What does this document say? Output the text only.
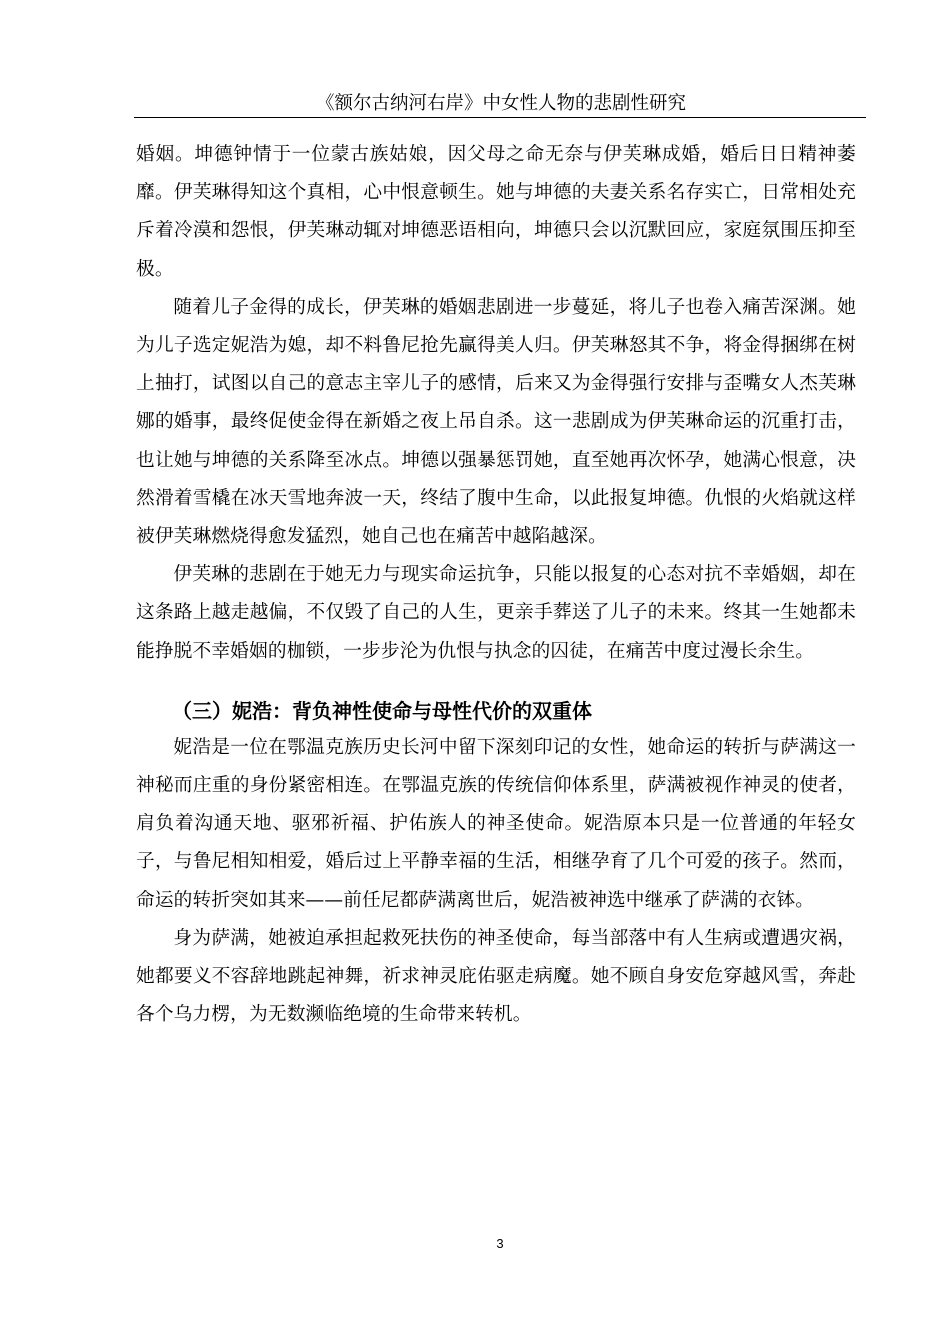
《额尔古纳河右岸》中女性人物的悲剧性研究

婚姻。坤德钟情于一位蒙古族姑娘，因父母之命无奈与伊芙琳成婚，婚后日日精神萎靡。伊芙琳得知这个真相，心中恨意顿生。她与坤德的夫妻关系名存实亡，日常相处充斥着冷漠和怨恨，伊芙琳动辄对坤德恶语相向，坤德只会以沉默回应，家庭氛围压抑至极。

随着儿子金得的成长，伊芙琳的婚姻悲剧进一步蔓延，将儿子也卷入痛苦深渊。她为儿子选定妮浩为媳，却不料鲁尼抢先赢得美人归。伊芙琳怒其不争，将金得捆绑在树上抽打，试图以自己的意志主宰儿子的感情，后来又为金得强行安排与歪嘴女人杰芙琳娜的婚事，最终促使金得在新婚之夜上吊自杀。这一悲剧成为伊芙琳命运的沉重打击，也让她与坤德的关系降至冰点。坤德以强暴惩罚她，直至她再次怀孕，她满心恨意，决然滑着雪橇在冰天雪地奔波一天，终结了腹中生命，以此报复坤德。仇恨的火焰就这样被伊芙琳燃烧得愈发猛烈，她自己也在痛苦中越陷越深。

伊芙琳的悲剧在于她无力与现实命运抗争，只能以报复的心态对抗不幸婚姻，却在这条路上越走越偏，不仅毁了自己的人生，更亲手葬送了儿子的未来。终其一生她都未能挣脱不幸婚姻的枷锁，一步步沦为仇恨与执念的囚徒，在痛苦中度过漫长余生。

（三）妮浩：背负神性使命与母性代价的双重体

妮浩是一位在鄂温克族历史长河中留下深刻印记的女性，她命运的转折与萨满这一神秘而庄重的身份紧密相连。在鄂温克族的传统信仰体系里，萨满被视作神灵的使者，肩负着沟通天地、驱邪祈福、护佑族人的神圣使命。妮浩原本只是一位普通的年轻女子，与鲁尼相知相爱，婚后过上平静幸福的生活，相继孕育了几个可爱的孩子。然而，命运的转折突如其来——前任尼都萨满离世后，妮浩被神选中继承了萨满的衣钵。

身为萨满，她被迫承担起救死扶伤的神圣使命，每当部落中有人生病或遭遇灾祸，她都要义不容辞地跳起神舞，祈求神灵庇佑驱走病魔。她不顾自身安危穿越风雪，奔赴各个乌力楞，为无数濒临绝境的生命带来转机。

3
